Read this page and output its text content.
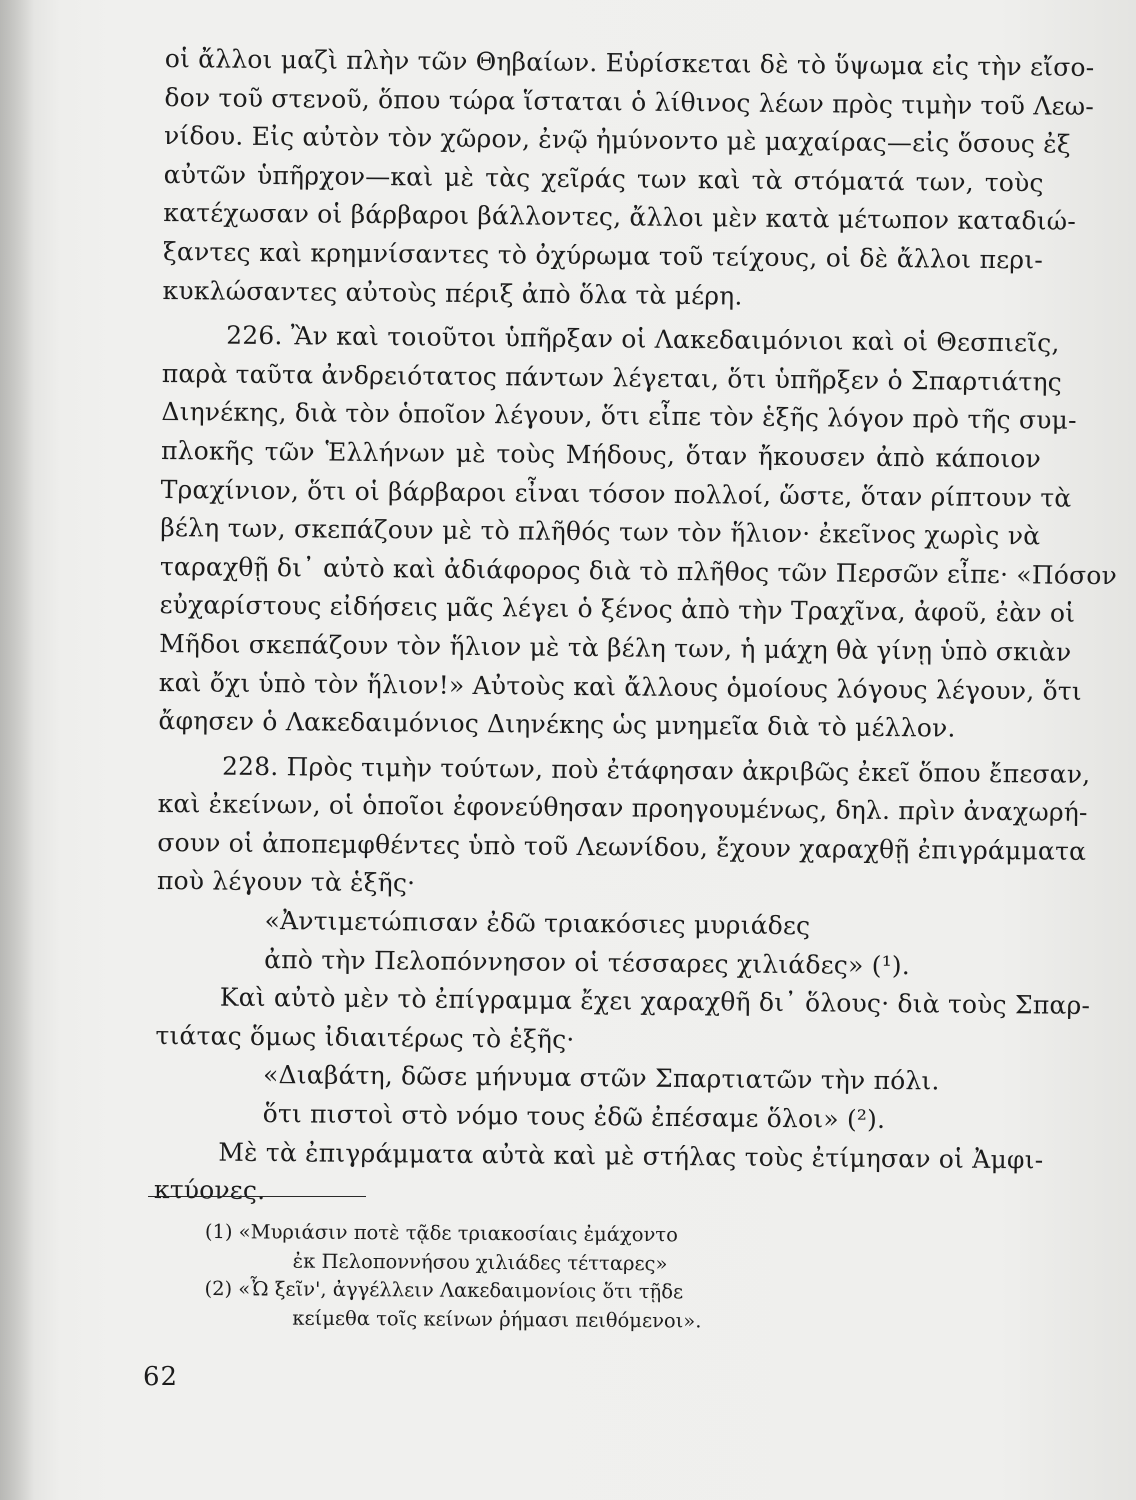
οἱ ἄλλοι μαζὶ πλὴν τῶν Θηβαίων. Εὑρίσκεται δὲ τὸ ὕψωμα εἰς τὴν εἴσο-
δον τοῦ στενοῦ, ὅπου τώρα ἵσταται ὁ λίθινος λέων πρὸς τιμὴν τοῦ Λεω-
νίδου. Εἰς αὐτὸν τὸν χῶρον, ἐνῷ ἠμύνοντο μὲ μαχαίρας—εἰς ὅσους ἐξ
αὐτῶν ὑπῆρχον—καὶ μὲ τὰς χεῖράς των καὶ τὰ στόματά των, τοὺς
κατέχωσαν οἱ βάρβαροι βάλλοντες, ἄλλοι μὲν κατὰ μέτωπον καταδιώ-
ξαντες καὶ κρημνίσαντες τὸ ὀχύρωμα τοῦ τείχους, οἱ δὲ ἄλλοι περι-
κυκλώσαντες αὐτοὺς πέριξ ἀπὸ ὅλα τὰ μέρη.
226. Ἂν καὶ τοιοῦτοι ὑπῆρξαν οἱ Λακεδαιμόνιοι καὶ οἱ Θεσπιεῖς,
παρὰ ταῦτα ἀνδρειότατος πάντων λέγεται, ὅτι ὑπῆρξεν ὁ Σπαρτιάτης
Διηνέκης, διὰ τὸν ὁποῖον λέγουν, ὅτι εἶπε τὸν ἑξῆς λόγον πρὸ τῆς συμ-
πλοκῆς τῶν Ἑλλήνων μὲ τοὺς Μήδους, ὅταν ἤκουσεν ἀπὸ κάποιον
Τραχίνιον, ὅτι οἱ βάρβαροι εἶναι τόσον πολλοί, ὥστε, ὅταν ρίπτουν τὰ
βέλη των, σκεπάζουν μὲ τὸ πλῆθός των τὸν ἥλιον· ἐκεῖνος χωρὶς νὰ
ταραχθῇ δι᾽ αὐτὸ καὶ ἀδιάφορος διὰ τὸ πλῆθος τῶν Περσῶν εἶπε· «Πόσον
εὐχαρίστους εἰδήσεις μᾶς λέγει ὁ ξένος ἀπὸ τὴν Τραχῖνα, ἀφοῦ, ἐὰν οἱ
Μῆδοι σκεπάζουν τὸν ἥλιον μὲ τὰ βέλη των, ἡ μάχη θὰ γίνῃ ὑπὸ σκιὰν
καὶ ὄχι ὑπὸ τὸν ἥλιον!» Αὐτοὺς καὶ ἄλλους ὁμοίους λόγους λέγουν, ὅτι
ἄφησεν ὁ Λακεδαιμόνιος Διηνέκης ὡς μνημεῖα διὰ τὸ μέλλον.
228. Πρὸς τιμὴν τούτων, ποὺ ἐτάφησαν ἀκριβῶς ἐκεῖ ὅπου ἔπεσαν,
καὶ ἐκείνων, οἱ ὁποῖοι ἐφονεύθησαν προηγουμένως, δηλ. πρὶν ἀναχωρή-
σουν οἱ ἀποπεμφθέντες ὑπὸ τοῦ Λεωνίδου, ἔχουν χαραχθῇ ἐπιγράμματα
ποὺ λέγουν τὰ ἑξῆς·
«Ἀντιμετώπισαν ἐδῶ τριακόσιες μυριάδες
ἀπὸ τὴν Πελοπόννησον οἱ τέσσαρες χιλιάδες» (¹).
Καὶ αὐτὸ μὲν τὸ ἐπίγραμμα ἔχει χαραχθῆ δι᾽ ὅλους· διὰ τοὺς Σπαρ-
τιάτας ὅμως ἰδιαιτέρως τὸ ἑξῆς·
«Διαβάτη, δῶσε μήνυμα στῶν Σπαρτιατῶν τὴν πόλι.
ὅτι πιστοὶ στὸ νόμο τους ἐδῶ ἐπέσαμε ὅλοι» (²).
Μὲ τὰ ἐπιγράμματα αὐτὰ καὶ μὲ στήλας τοὺς ἐτίμησαν οἱ Ἀμφι-
κτύονες.
(1) «Μυριάσιν ποτὲ τᾷδε τριακοσίαις ἐμάχοντο
ἐκ Πελοποννήσου χιλιάδες τέτταρες»
(2) «Ὦ ξεῖν', ἀγγέλλειν Λακεδαιμονίοις ὅτι τῇδε
κείμεθα τοῖς κείνων ῥήμασι πειθόμενοι».
62
